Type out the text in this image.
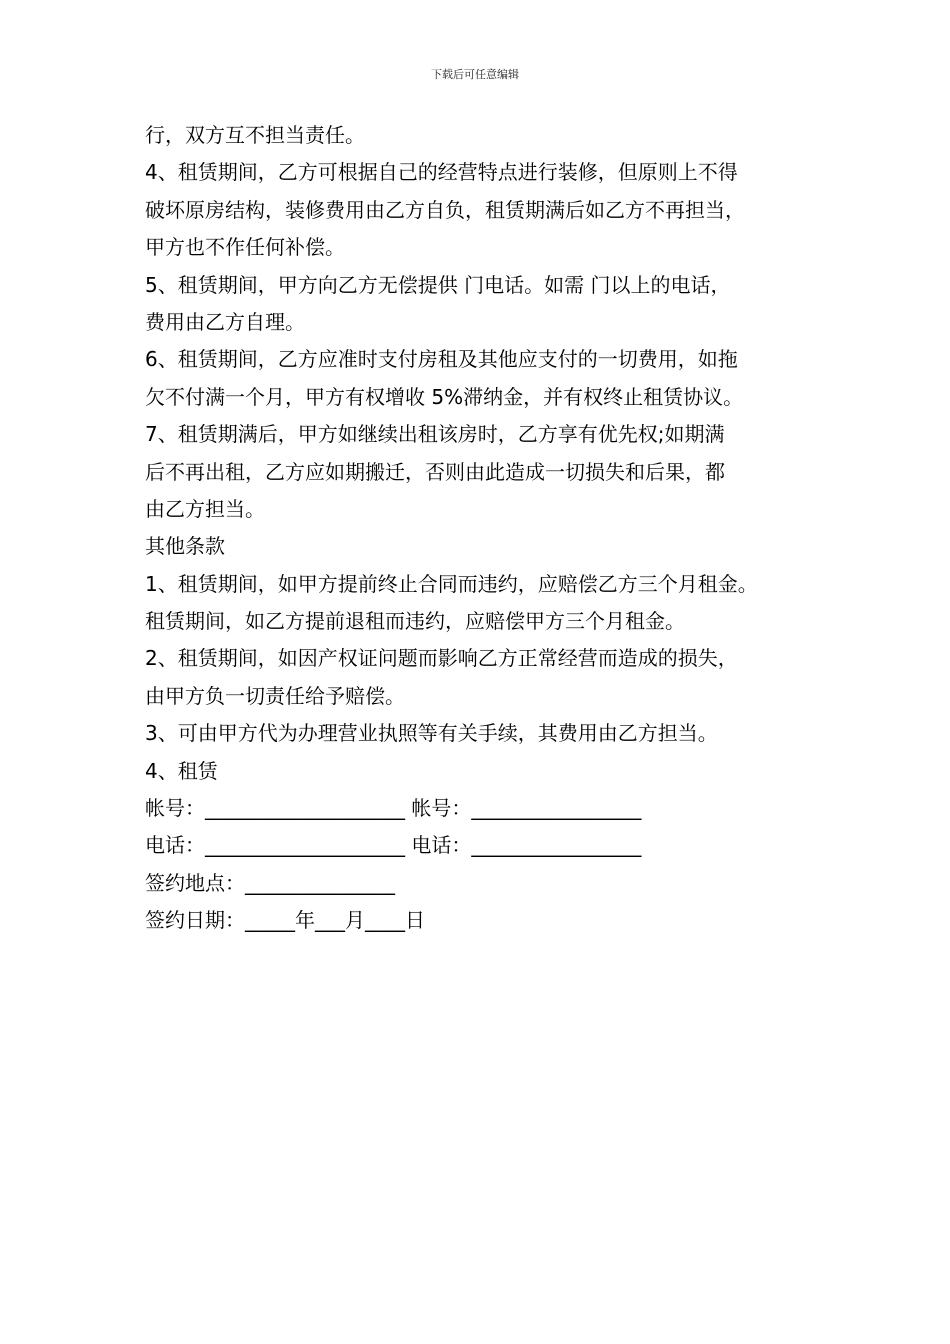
下载后可任意编辑
行，双方互不担当责任。
4、租赁期间，乙方可根据自己的经营特点进行装修，但原则上不得
破坏原房结构，装修费用由乙方自负，租赁期满后如乙方不再担当，
甲方也不作任何补偿。
5、租赁期间，甲方向乙方无偿提供 门电话。如需 门以上的电话，
费用由乙方自理。
6、租赁期间，乙方应准时支付房租及其他应支付的一切费用，如拖
欠不付满一个月，甲方有权增收 5%滞纳金，并有权终止租赁协议。
7、租赁期满后，甲方如继续出租该房时，乙方享有优先权;如期满
后不再出租，乙方应如期搬迁，否则由此造成一切损失和后果，都
由乙方担当。
其他条款
1、租赁期间，如甲方提前终止合同而违约，应赔偿乙方三个月租金。
租赁期间，如乙方提前退租而违约，应赔偿甲方三个月租金。
2、租赁期间，如因产权证问题而影响乙方正常经营而造成的损失，
由甲方负一切责任给予赔偿。
3、可由甲方代为办理营业执照等有关手续，其费用由乙方担当。
4、租赁
帐号：____________________ 帐号：_________________
电话：____________________ 电话：_________________
签约地点：_______________
签约日期：_____年___月____日
